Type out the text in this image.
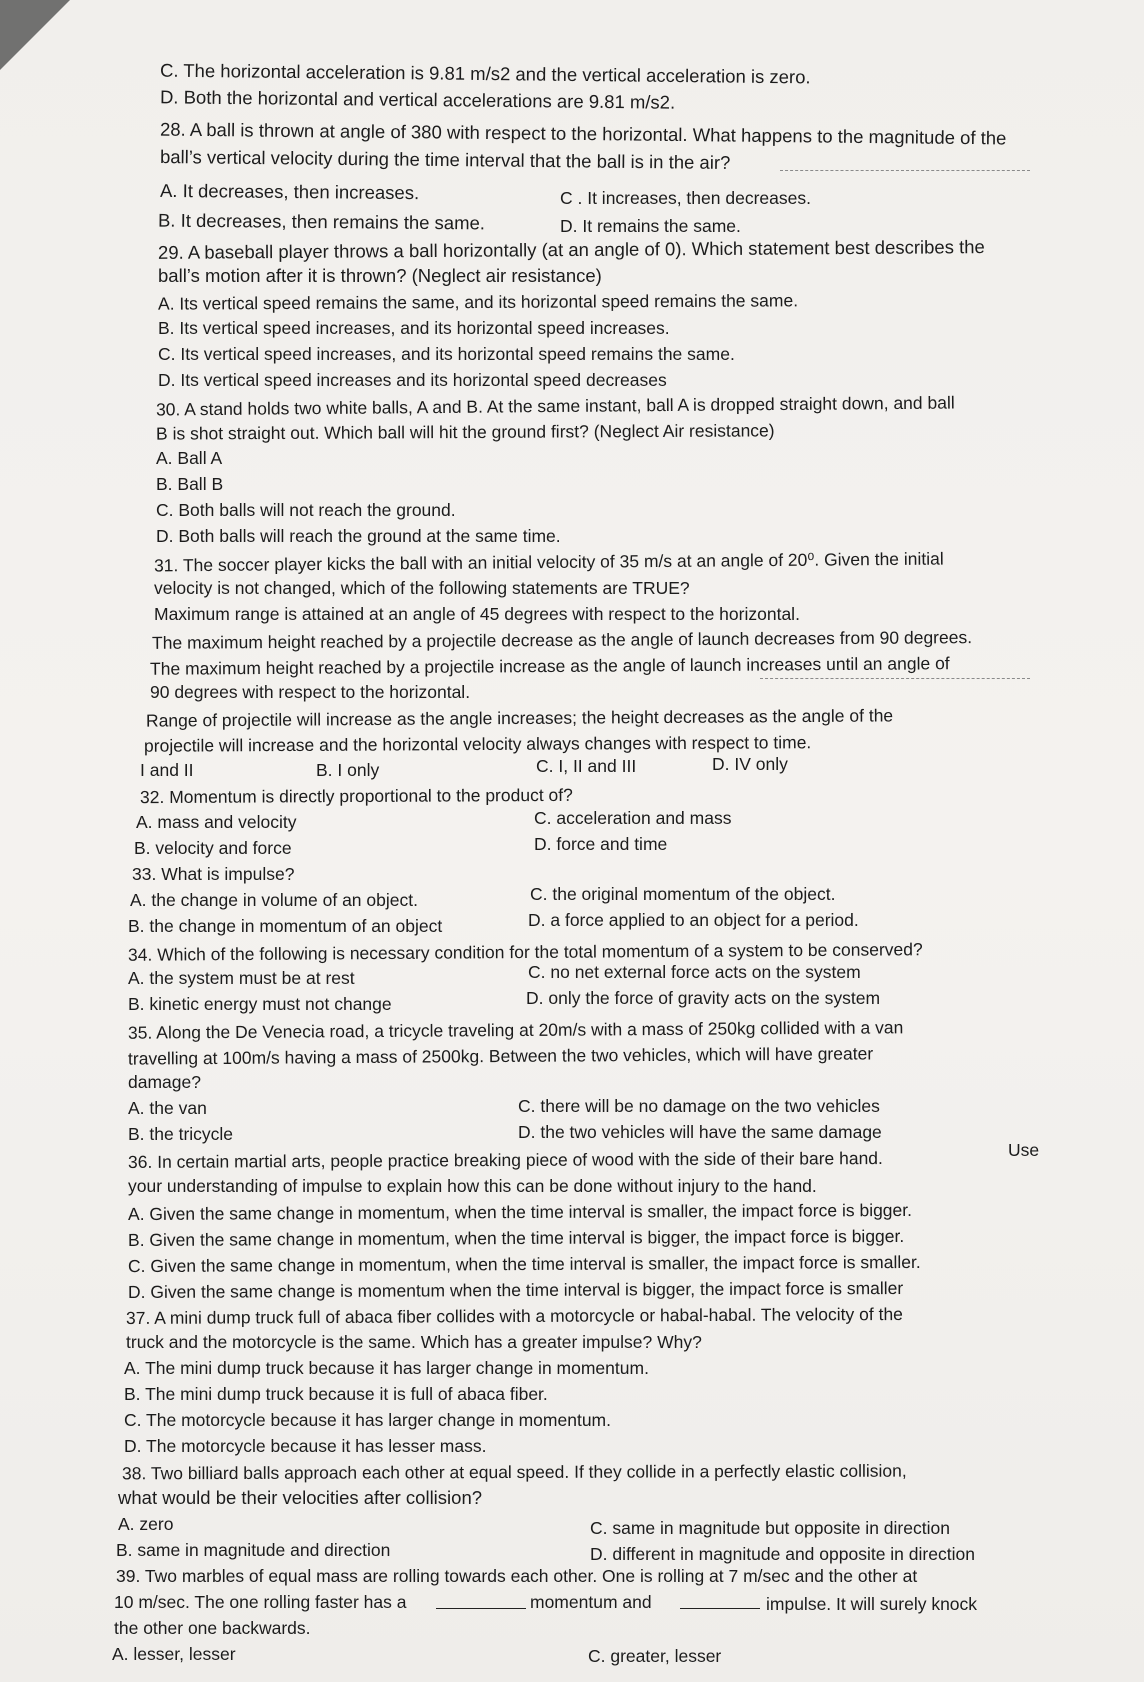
C. The horizontal acceleration is 9.81 m/s2 and the vertical acceleration is zero.
D. Both the horizontal and vertical accelerations are 9.81 m/s2.
28. A ball is thrown at angle of 380 with respect to the horizontal. What happens to the magnitude of the
ball’s vertical velocity during the time interval that the ball is in the air?
A. It decreases, then increases.	C . It increases, then decreases.
B. It decreases, then remains the same.	D. It remains the same.
29. A baseball player throws a ball horizontally (at an angle of 0). Which statement best describes the
ball’s motion after it is thrown? (Neglect air resistance)
A. Its vertical speed remains the same, and its horizontal speed remains the same.
B. Its vertical speed increases, and its horizontal speed increases.
C. Its vertical speed increases, and its horizontal speed remains the same.
D. Its vertical speed increases and its horizontal speed decreases
30. A stand holds two white balls, A and B. At the same instant, ball A is dropped straight down, and ball
B is shot straight out. Which ball will hit the ground first? (Neglect Air resistance)
A. Ball A
B. Ball B
C. Both balls will not reach the ground.
D. Both balls will reach the ground at the same time.
31. The soccer player kicks the ball with an initial velocity of 35 m/s at an angle of 20⁰. Given the initial
velocity is not changed, which of the following statements are TRUE?
Maximum range is attained at an angle of 45 degrees with respect to the horizontal.
The maximum height reached by a projectile decrease as the angle of launch decreases from 90 degrees.
The maximum height reached by a projectile increase as the angle of launch increases until an angle of
90 degrees with respect to the horizontal.
Range of projectile will increase as the angle increases; the height decreases as the angle of the
projectile will increase and the horizontal velocity always changes with respect to time.
I and II	B. I only	C. I, II and III	D. IV only
32. Momentum is directly proportional to the product of?
A. mass and velocity	C. acceleration and mass
B. velocity and force	D. force and time
33. What is impulse?
A. the change in volume of an object.	C. the original momentum of the object.
B. the change in momentum of an object	D. a force applied to an object for a period.
34. Which of the following is necessary condition for the total momentum of a system to be conserved?
A. the system must be at rest	C. no net external force acts on the system
B. kinetic energy must not change	D. only the force of gravity acts on the system
35. Along the De Venecia road, a tricycle traveling at 20m/s with a mass of 250kg collided with a van
travelling at 100m/s having a mass of 2500kg. Between the two vehicles, which will have greater
damage?
A. the van	C. there will be no damage on the two vehicles
B. the tricycle	D. the two vehicles will have the same damage
36. In certain martial arts, people practice breaking piece of wood with the side of their bare hand.	Use
your understanding of impulse to explain how this can be done without injury to the hand.
A. Given the same change in momentum, when the time interval is smaller, the impact force is bigger.
B. Given the same change in momentum, when the time interval is bigger, the impact force is bigger.
C. Given the same change in momentum, when the time interval is smaller, the impact force is smaller.
D. Given the same change is momentum when the time interval is bigger, the impact force is smaller
37. A mini dump truck full of abaca fiber collides with a motorcycle or habal-habal. The velocity of the
truck and the motorcycle is the same. Which has a greater impulse? Why?
A. The mini dump truck because it has larger change in momentum.
B. The mini dump truck because it is full of abaca fiber.
C. The motorcycle because it has larger change in momentum.
D. The motorcycle because it has lesser mass.
38. Two billiard balls approach each other at equal speed. If they collide in a perfectly elastic collision,
what would be their velocities after collision?
A. zero	C. same in magnitude but opposite in direction
B. same in magnitude and direction	D. different in magnitude and opposite in direction
39. Two marbles of equal mass are rolling towards each other. One is rolling at 7 m/sec and the other at
10 m/sec. The one rolling faster has a	momentum and	impulse. It will surely knock
the other one backwards.
A. lesser, lesser	C. greater, lesser
